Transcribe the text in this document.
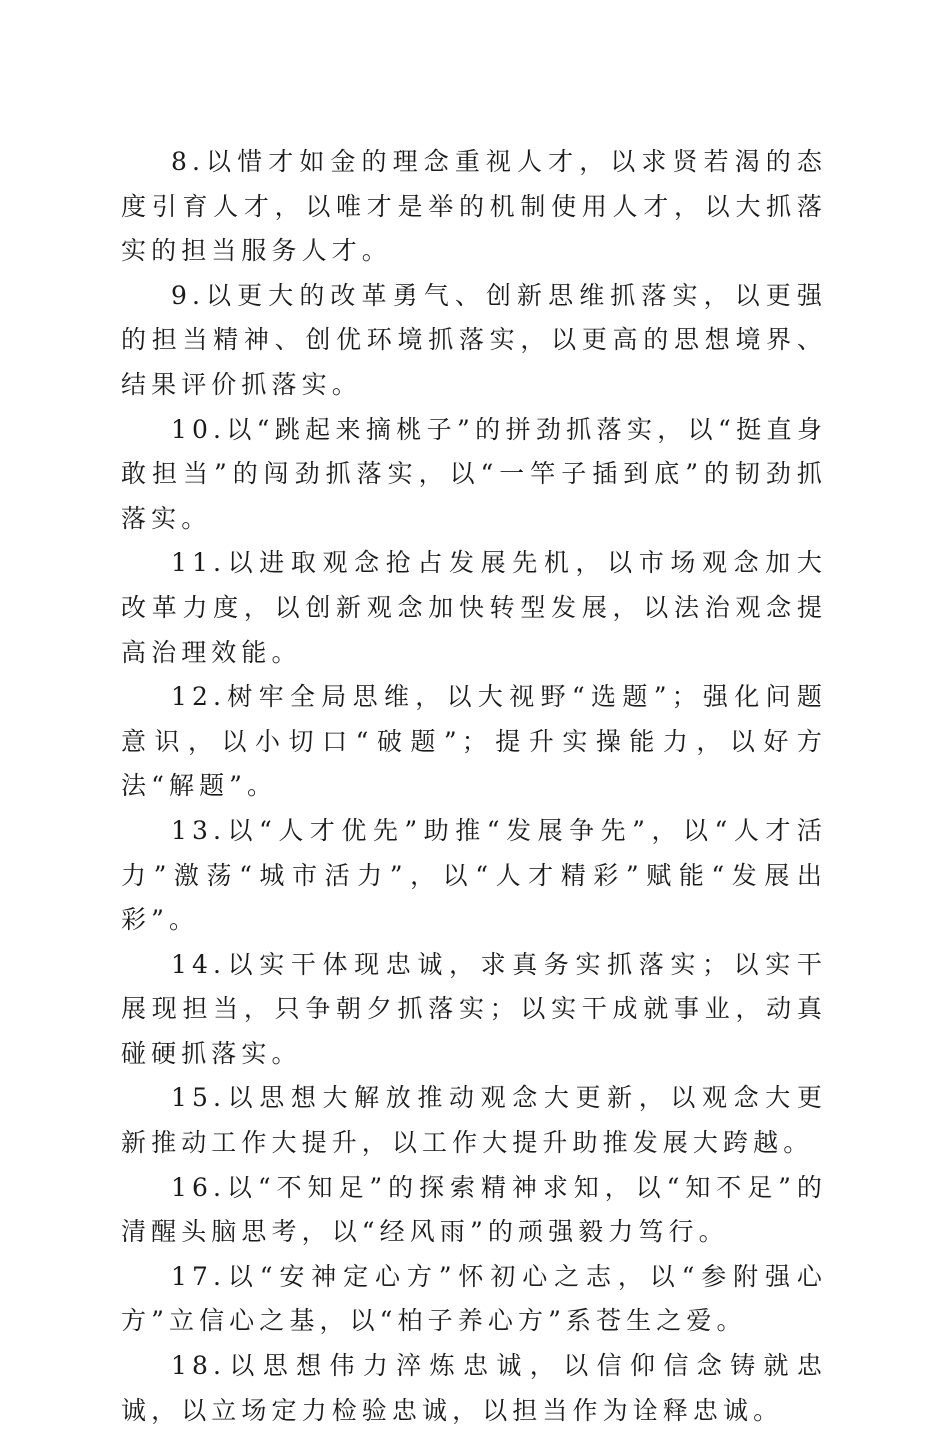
8.以惜才如金的理念重视人才，以求贤若渴的态度引育人才，以唯才是举的机制使用人才，以大抓落实的担当服务人才。

9.以更大的改革勇气、创新思维抓落实，以更强的担当精神、创优环境抓落实，以更高的思想境界、结果评价抓落实。

10.以“跳起来摘桃子”的拼劲抓落实，以“挺直身敢担当”的闯劲抓落实，以“一竿子插到底”的韧劲抓落实。

11.以进取观念抢占发展先机，以市场观念加大改革力度，以创新观念加快转型发展，以法治观念提高治理效能。

12.树牢全局思维，以大视野“选题”；强化问题意识，以小切口“破题”；提升实操能力，以好方法“解题”。

13.以“人才优先”助推“发展争先”，以“人才活力”激荡“城市活力”，以“人才精彩”赋能“发展出彩”。

14.以实干体现忠诚，求真务实抓落实；以实干展现担当，只争朝夕抓落实；以实干成就事业，动真碰硬抓落实。

15.以思想大解放推动观念大更新，以观念大更新推动工作大提升，以工作大提升助推发展大跨越。

16.以“不知足”的探索精神求知，以“知不足”的清醒头脑思考，以“经风雨”的顽强毅力笃行。

17.以“安神定心方”怀初心之志，以“参附强心方”立信心之基，以“柏子养心方”系苍生之爱。

18.以思想伟力淬炼忠诚，以信仰信念铸就忠诚，以立场定力检验忠诚，以担当作为诠释忠诚。
